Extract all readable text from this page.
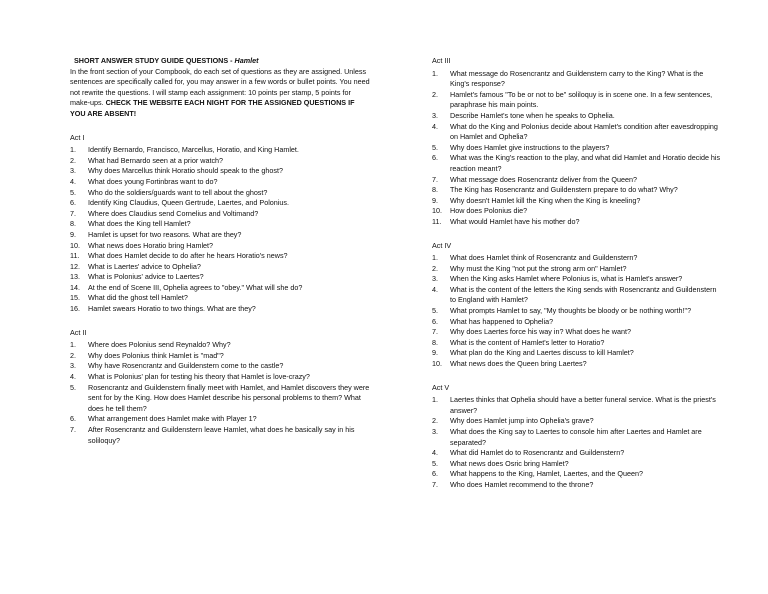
SHORT ANSWER STUDY GUIDE QUESTIONS - Hamlet

In the front section of your Compbook, do each set of questions as they are assigned. Unless sentences are specifically called for, you may answer in a few words or bullet points. You need not rewrite the questions. I will stamp each assignment: 10 points per stamp, 5 points for make-ups. CHECK THE WEBSITE EACH NIGHT FOR THE ASSIGNED QUESTIONS IF YOU ARE ABSENT!

Act I
1. Identify Bernardo, Francisco, Marcellus, Horatio, and King Hamlet.
2. What had Bernardo seen at a prior watch?
3. Why does Marcellus think Horatio should speak to the ghost?
4. What does young Fortinbras want to do?
5. Who do the soldiers/guards want to tell about the ghost?
6. Identify King Claudius, Queen Gertrude, Laertes, and Polonius.
7. Where does Claudius send Cornelius and Voltimand?
8. What does the King tell Hamlet?
9. Hamlet is upset for two reasons. What are they?
10. What news does Horatio bring Hamlet?
11. What does Hamlet decide to do after he hears Horatio's news?
12. What is Laertes' advice to Ophelia?
13. What is Polonius' advice to Laertes?
14. At the end of Scene III, Ophelia agrees to "obey." What will she do?
15. What did the ghost tell Hamlet?
16. Hamlet swears Horatio to two things. What are they?
Act II
1. Where does Polonius send Reynaldo? Why?
2. Why does Polonius think Hamlet is "mad"?
3. Why have Rosencrantz and Guildenstern come to the castle?
4. What is Polonius' plan for testing his theory that Hamlet is love-crazy?
5. Rosencrantz and Guildenstern finally meet with Hamlet, and Hamlet discovers they were sent for by the King. How does Hamlet describe his personal problems to them? What does he tell them?
6. What arrangement does Hamlet make with Player 1?
7. After Rosencrantz and Guildenstern leave Hamlet, what does he basically say in his soliloquy?
Act III
1. What message do Rosencrantz and Guildenstern carry to the King? What is the King's response?
2. Hamlet's famous "To be or not to be" soliloquy is in scene one. In a few sentences, paraphrase his main points.
3. Describe Hamlet's tone when he speaks to Ophelia.
4. What do the King and Polonius decide about Hamlet's condition after eavesdropping on Hamlet and Ophelia?
5. Why does Hamlet give instructions to the players?
6. What was the King's reaction to the play, and what did Hamlet and Horatio decide his reaction meant?
7. What message does Rosencrantz deliver from the Queen?
8. The King has Rosencrantz and Guildenstern prepare to do what? Why?
9. Why doesn't Hamlet kill the King when the King is kneeling?
10. How does Polonius die?
11. What would Hamlet have his mother do?
Act IV
1. What does Hamlet think of Rosencrantz and Guildenstern?
2. Why must the King "not put the strong arm on" Hamlet?
3. When the King asks Hamlet where Polonius is, what is Hamlet's answer?
4. What is the content of the letters the King sends with Rosencrantz and Guildenstern to England with Hamlet?
5. What prompts Hamlet to say, "My thoughts be bloody or be nothing worth!"?
6. What has happened to Ophelia?
7. Why does Laertes force his way in? What does he want?
8. What is the content of Hamlet's letter to Horatio?
9. What plan do the King and Laertes discuss to kill Hamlet?
10. What news does the Queen bring Laertes?
Act V
1. Laertes thinks that Ophelia should have a better funeral service. What is the priest's answer?
2. Why does Hamlet jump into Ophelia's grave?
3. What does the King say to Laertes to console him after Laertes and Hamlet are separated?
4. What did Hamlet do to Rosencrantz and Guildenstern?
5. What news does Osric bring Hamlet?
6. What happens to the King, Hamlet, Laertes, and the Queen?
7. Who does Hamlet recommend to the throne?
